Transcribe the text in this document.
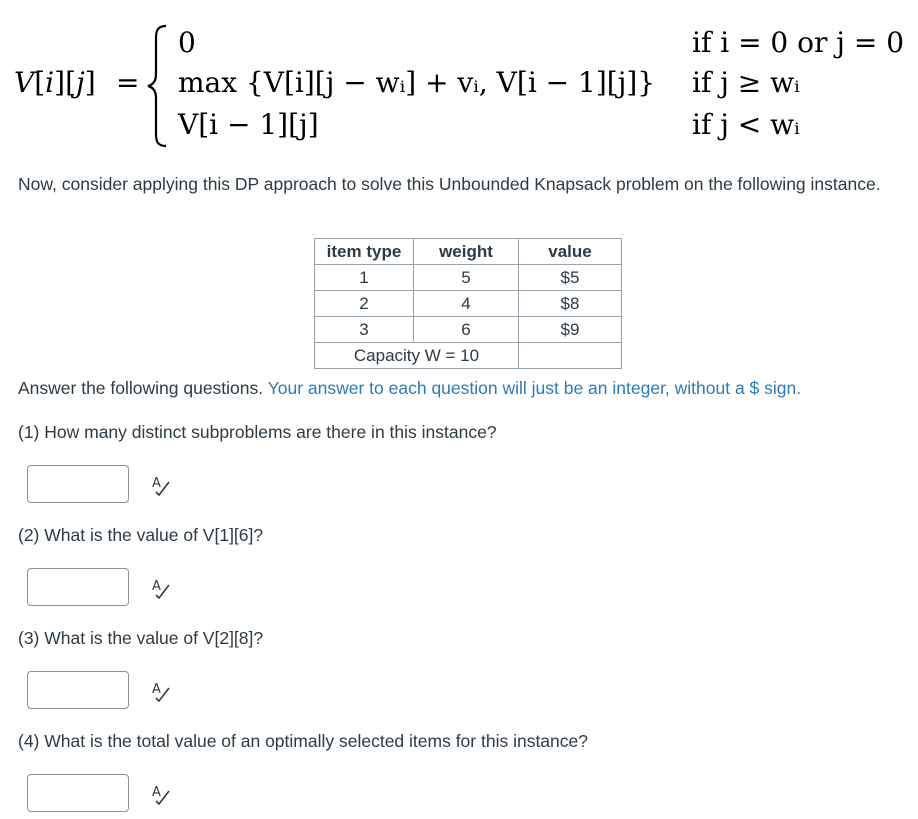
V[i][j] =
0
max {V[i][j − wᵢ] + vᵢ, V[i − 1][j]}
V[i − 1][j]
if i = 0 or j = 0
if j ≥ wᵢ
if j < wᵢ
Now, consider applying this DP approach to solve this Unbounded Knapsack problem on the following instance.
item type	weight	value
1	5	$5
2	4	$8
3	6	$9
Capacity W = 10		
Answer the following questions. Your answer to each question will just be an integer, without a $ sign.
(1) How many distinct subproblems are there in this instance?
A
(2) What is the value of V[1][6]?
A
(3) What is the value of V[2][8]?
A
(4) What is the total value of an optimally selected items for this instance?
A
